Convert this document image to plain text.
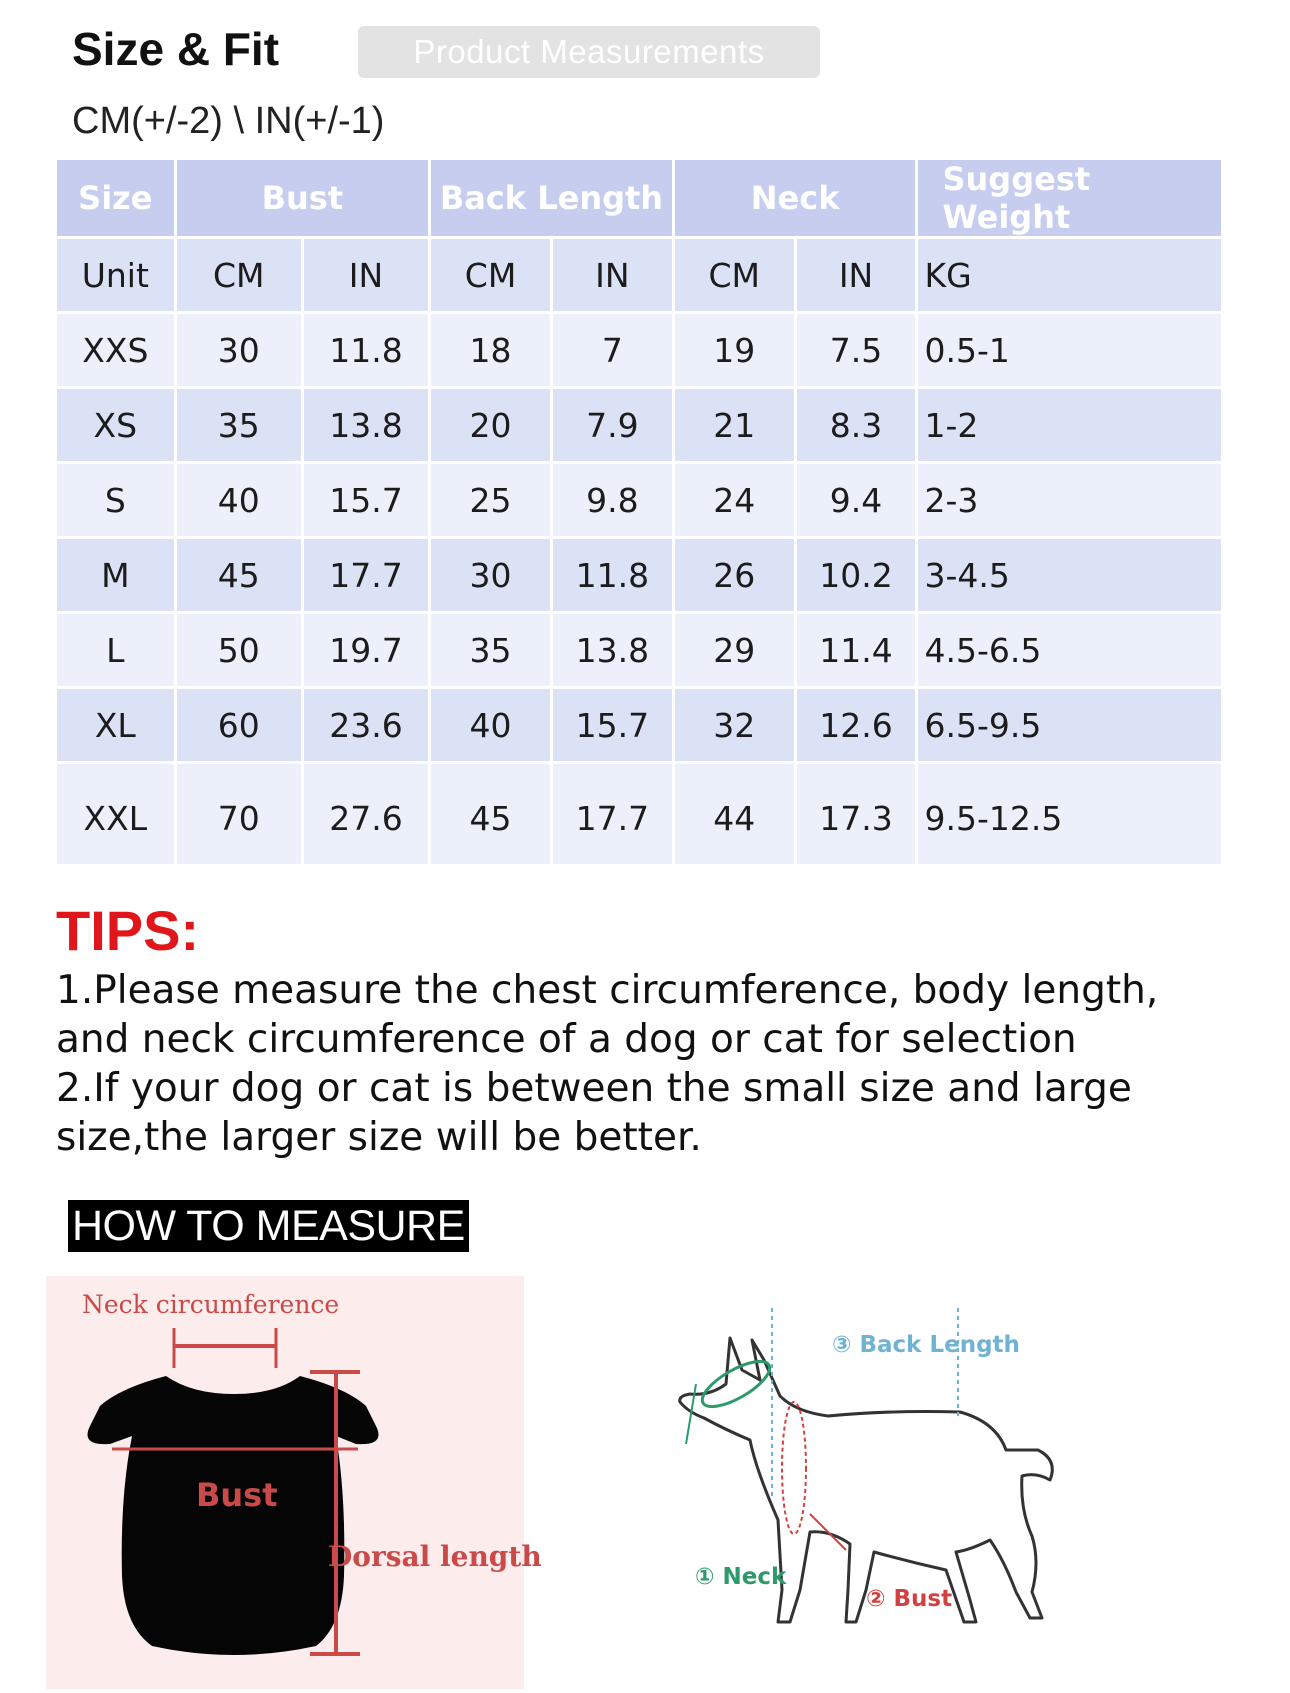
Size & Fit	Product Measurements
CM(+/-2) \ IN(+/-1)
Size	Bust		Back Length		Neck		Suggest Weight
Unit	CM	IN	CM	IN	CM	IN	KG
XXS	30	11.8	18	7	19	7.5	0.5-1
XS	35	13.8	20	7.9	21	8.3	1-2
S	40	15.7	25	9.8	24	9.4	2-3
M	45	17.7	30	11.8	26	10.2	3-4.5
L	50	19.7	35	13.8	29	11.4	4.5-6.5
XL	60	23.6	40	15.7	32	12.6	6.5-9.5
XXL	70	27.6	45	17.7	44	17.3	9.5-12.5
TIPS:
1.Please measure the chest circumference, body length, and neck circumference of a dog or cat for selection
2.If your dog or cat is between the small size and large size,the larger size will be better.
HOW TO MEASURE
Neck circumference
Bust
Dorsal length
③ Back Length
① Neck
② Bust
